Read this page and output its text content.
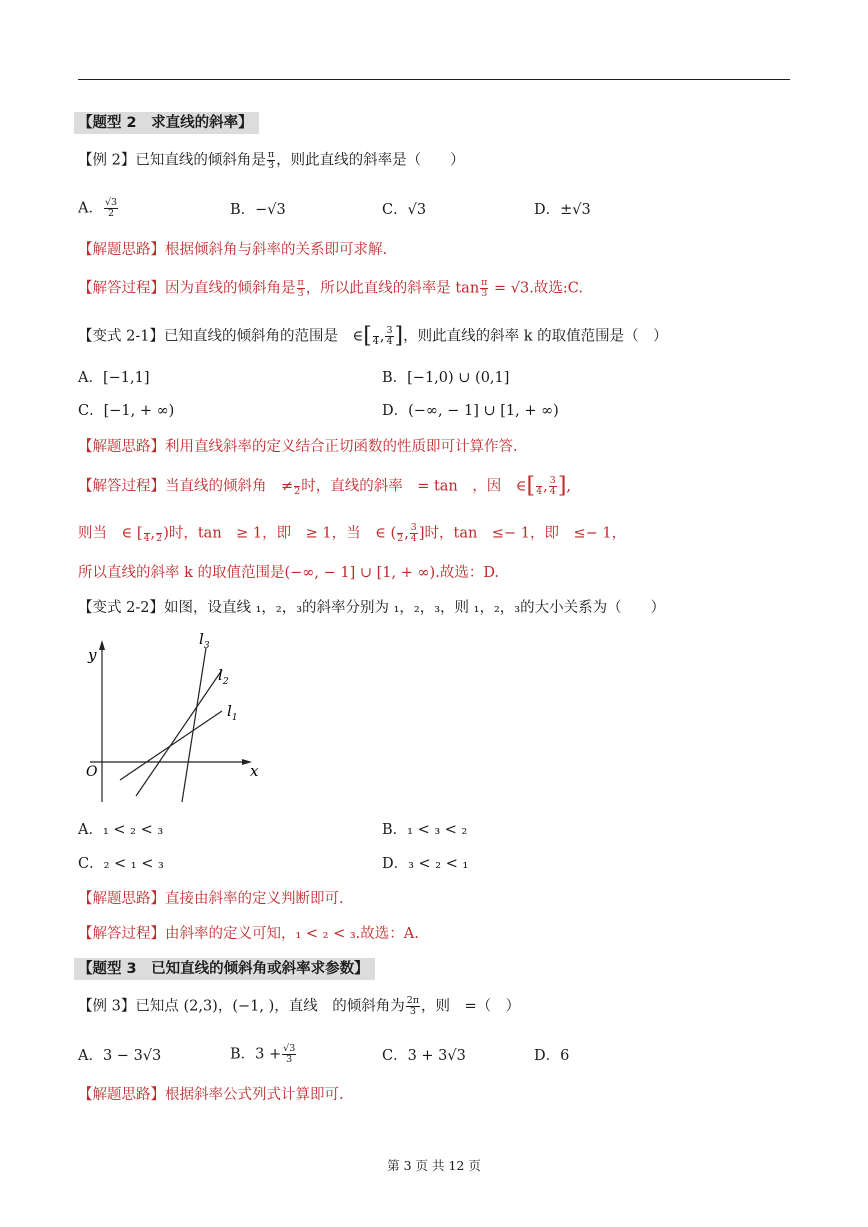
【题型 2　求直线的斜率】
【例 2】已知直线的倾斜角是 $\frac{\pi}{3}$ ，则此直线的斜率是（　　）
A． $\frac{√3}{2}$	B．−√3	C．√3	D．±√3
【解题思路】根据倾斜角与斜率的关系即可求解.
【解答过程】因为直线的倾斜角是 $\frac{\pi}{3}$ ，所以此直线的斜率是 $\tan \frac{\pi}{3} = √3$.故选:C.
【变式 2-1】已知直线的倾斜角的范围是　∈[
4 , $\frac{3}{4}$ ]，则此直线的斜率 k 的取值范围是（　）
A．[−1,1]	B．[−1,0) ∪ (0,1]
C．[−1, + ∞)	D．(−∞, − 1] ∪ [1, + ∞)
【解题思路】利用直线斜率的定义结合正切函数的性质即可计算作答.
【解答过程】当直线的倾斜角　≠
2 时，直线的斜率　= tan　，因　∈[
4 , $\frac{3}{4}$ ],
则当　∈ [
4 ,
2 )时，tan　≥ 1，即　≥ 1，当　∈ (
2 , $\frac{3}{4}$ ]时，tan　≤− 1，即　≤− 1，
所以直线的斜率 k 的取值范围是(−∞, − 1] ∪ [1, + ∞).故选：D.
【变式 2-2】如图，设直线 ₁，₂，₃的斜率分别为 ₁，₂，₃，则 ₁，₂，₃的大小关系为（　　）
y
x
O
$l_1$
$l_2$
$l_3$
A．₁ < ₂ < ₃	B．₁ < ₃ < ₂
C．₂ < ₁ < ₃	D．₃ < ₂ < ₁
【解题思路】直接由斜率的定义判断即可.
【解答过程】由斜率的定义可知，₁ < ₂ < ₃.故选：A.
【题型 3　已知直线的倾斜角或斜率求参数】
【例 3】已知点 (2,3)，(−1, )，直线　的倾斜角为 $\frac{2\pi}{3}$ ，则　=（　）
A．3 − 3√3	B．$3 + \frac{√3}{3}$	C．3 + 3√3	D．6
【解题思路】根据斜率公式列式计算即可.
第 3 页 共 12 页
